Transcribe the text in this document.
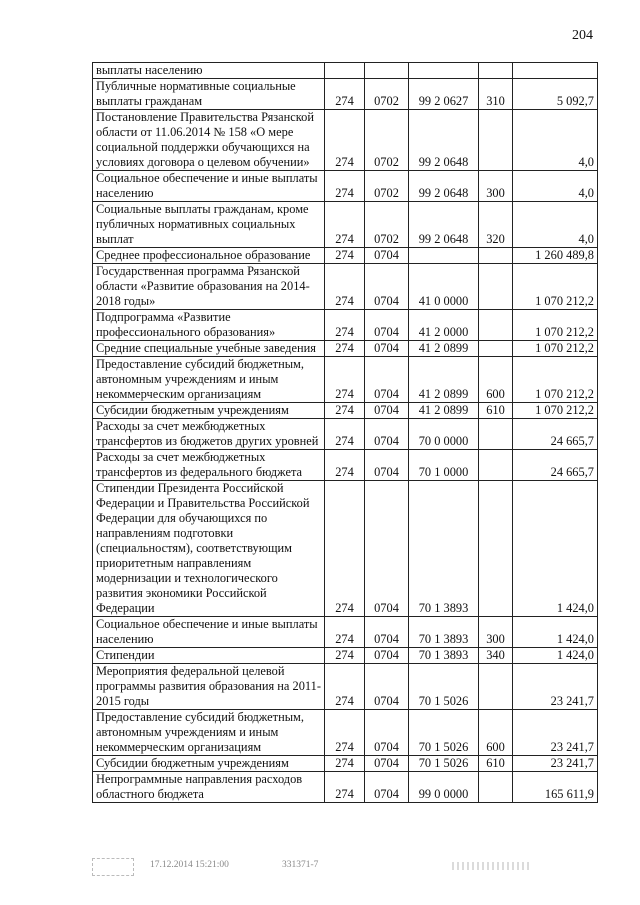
204
выплаты населению					
Публичные нормативные социальные выплаты гражданам	274	0702	99 2 0627	310	5 092,7
Постановление Правительства Рязанской области от 11.06.2014 № 158 «О мере социальной поддержки обучающихся на условиях договора о целевом обучении»	274	0702	99 2 0648		4,0
Социальное обеспечение и иные выплаты населению	274	0702	99 2 0648	300	4,0
Социальные выплаты гражданам, кроме публичных нормативных социальных выплат	274	0702	99 2 0648	320	4,0
Среднее профессиональное образование	274	0704			1 260 489,8
Государственная программа Рязанской области «Развитие образования на 2014-2018 годы»	274	0704	41 0 0000		1 070 212,2
Подпрограмма «Развитие профессионального образования»	274	0704	41 2 0000		1 070 212,2
Средние специальные учебные заведения	274	0704	41 2 0899		1 070 212,2
Предоставление субсидий бюджетным, автономным учреждениям и иным некоммерческим организациям	274	0704	41 2 0899	600	1 070 212,2
Субсидии бюджетным учреждениям	274	0704	41 2 0899	610	1 070 212,2
Расходы за счет межбюджетных трансфертов из бюджетов других уровней	274	0704	70 0 0000		24 665,7
Расходы за счет межбюджетных трансфертов из федерального бюджета	274	0704	70 1 0000		24 665,7
Стипендии Президента Российской Федерации и Правительства Российской Федерации для обучающихся по направлениям подготовки (специальностям), соответствующим приоритетным направлениям модернизации и технологического развития экономики Российской Федерации	274	0704	70 1 3893		1 424,0
Социальное обеспечение и иные выплаты населению	274	0704	70 1 3893	300	1 424,0
Стипендии	274	0704	70 1 3893	340	1 424,0
Мероприятия федеральной целевой программы развития образования на 2011-2015 годы	274	0704	70 1 5026		23 241,7
Предоставление субсидий бюджетным, автономным учреждениям и иным некоммерческим организациям	274	0704	70 1 5026	600	23 241,7
Субсидии бюджетным учреждениям	274	0704	70 1 5026	610	23 241,7
Непрограммные направления расходов областного бюджета	274	0704	99 0 0000		165 611,9
17.12.2014 15:21:00	331371-7
